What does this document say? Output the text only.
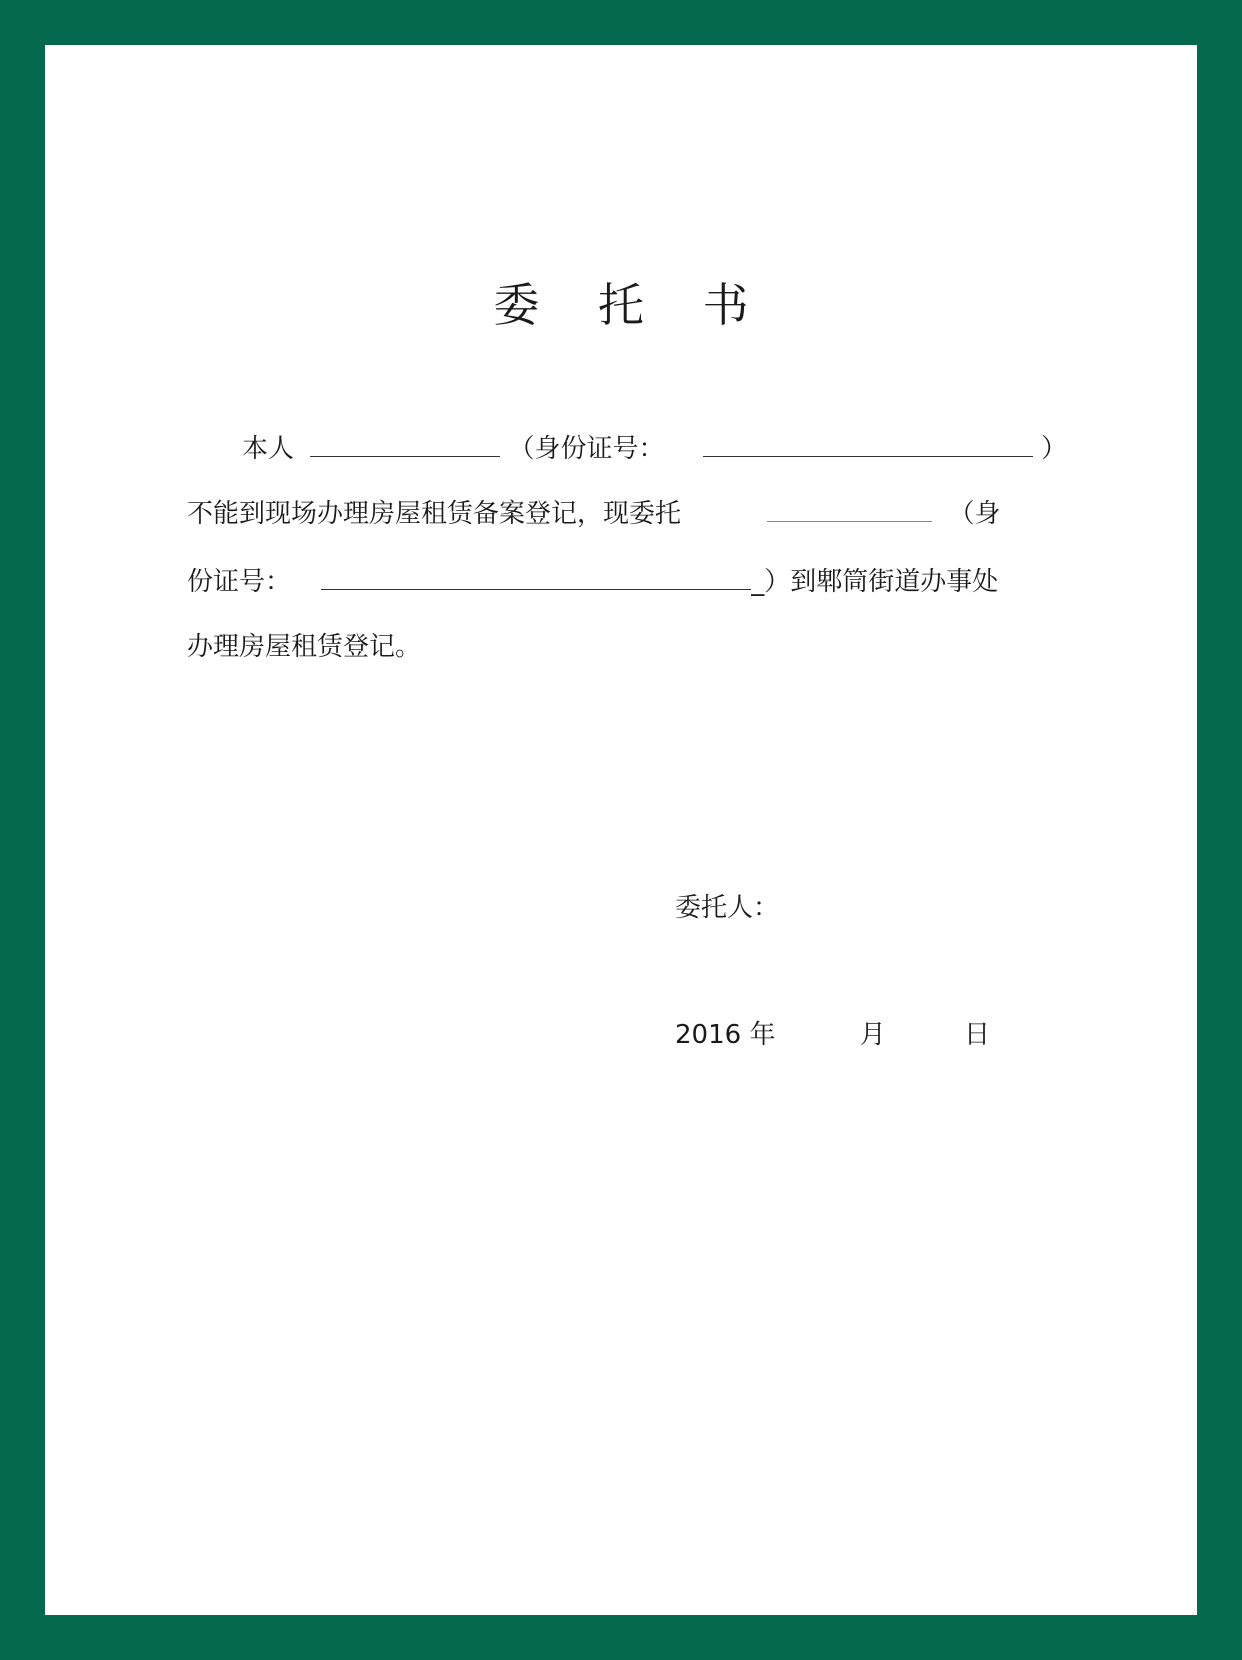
委 托 书
本人	（身份证号：	）
不能到现场办理房屋租赁备案登记，现委托	（身
份证号：	_）到郫筒街道办事处
办理房屋租赁登记。
委托人：
2016 年	月	日
